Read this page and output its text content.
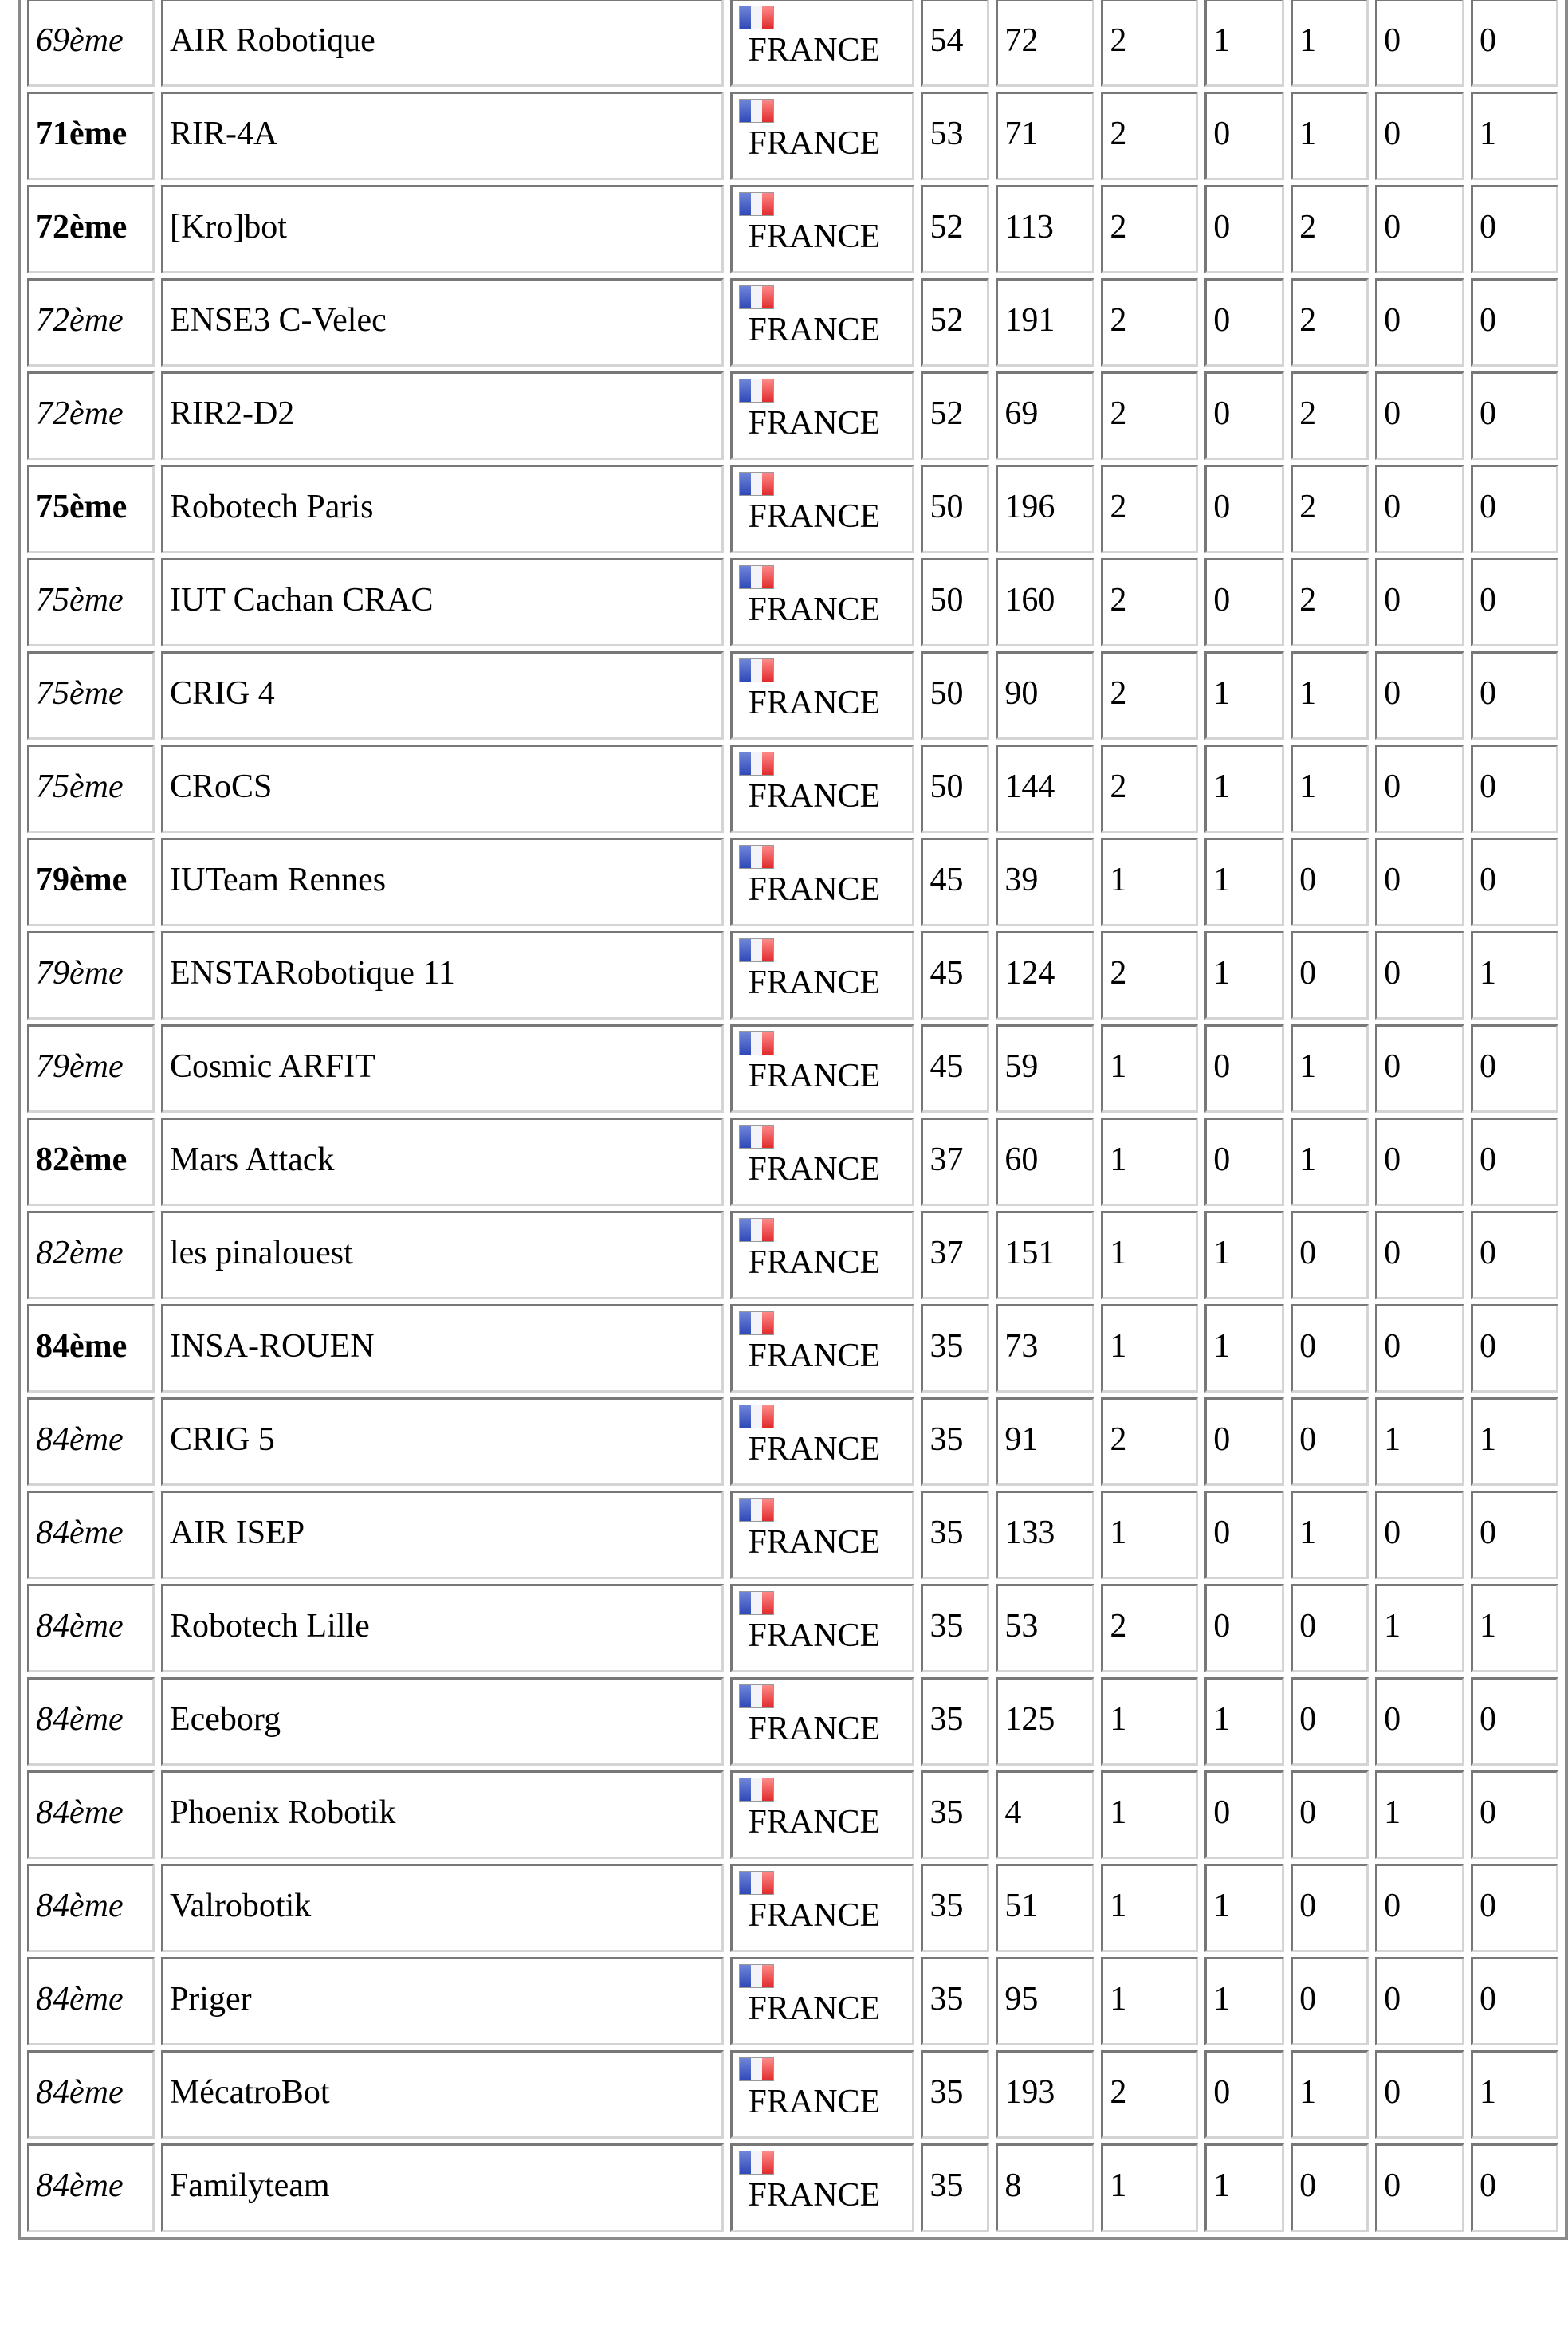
69ème	AIR Robotique	FRANCE	54	72	2	1	1	0	0
71ème	RIR-4A	FRANCE	53	71	2	0	1	0	1
72ème	[Kro]bot	FRANCE	52	113	2	0	2	0	0
72ème	ENSE3 C-Velec	FRANCE	52	191	2	0	2	0	0
72ème	RIR2-D2	FRANCE	52	69	2	0	2	0	0
75ème	Robotech Paris	FRANCE	50	196	2	0	2	0	0
75ème	IUT Cachan CRAC	FRANCE	50	160	2	0	2	0	0
75ème	CRIG 4	FRANCE	50	90	2	1	1	0	0
75ème	CRoCS	FRANCE	50	144	2	1	1	0	0
79ème	IUTeam Rennes	FRANCE	45	39	1	1	0	0	0
79ème	ENSTARobotique 11	FRANCE	45	124	2	1	0	0	1
79ème	Cosmic ARFIT	FRANCE	45	59	1	0	1	0	0
82ème	Mars Attack	FRANCE	37	60	1	0	1	0	0
82ème	les pinalouest	FRANCE	37	151	1	1	0	0	0
84ème	INSA-ROUEN	FRANCE	35	73	1	1	0	0	0
84ème	CRIG 5	FRANCE	35	91	2	0	0	1	1
84ème	AIR ISEP	FRANCE	35	133	1	0	1	0	0
84ème	Robotech Lille	FRANCE	35	53	2	0	0	1	1
84ème	Eceborg	FRANCE	35	125	1	1	0	0	0
84ème	Phoenix Robotik	FRANCE	35	4	1	0	0	1	0
84ème	Valrobotik	FRANCE	35	51	1	1	0	0	0
84ème	Priger	FRANCE	35	95	1	1	0	0	0
84ème	MécatroBot	FRANCE	35	193	2	0	1	0	1
84ème	Familyteam	FRANCE	35	8	1	1	0	0	0
